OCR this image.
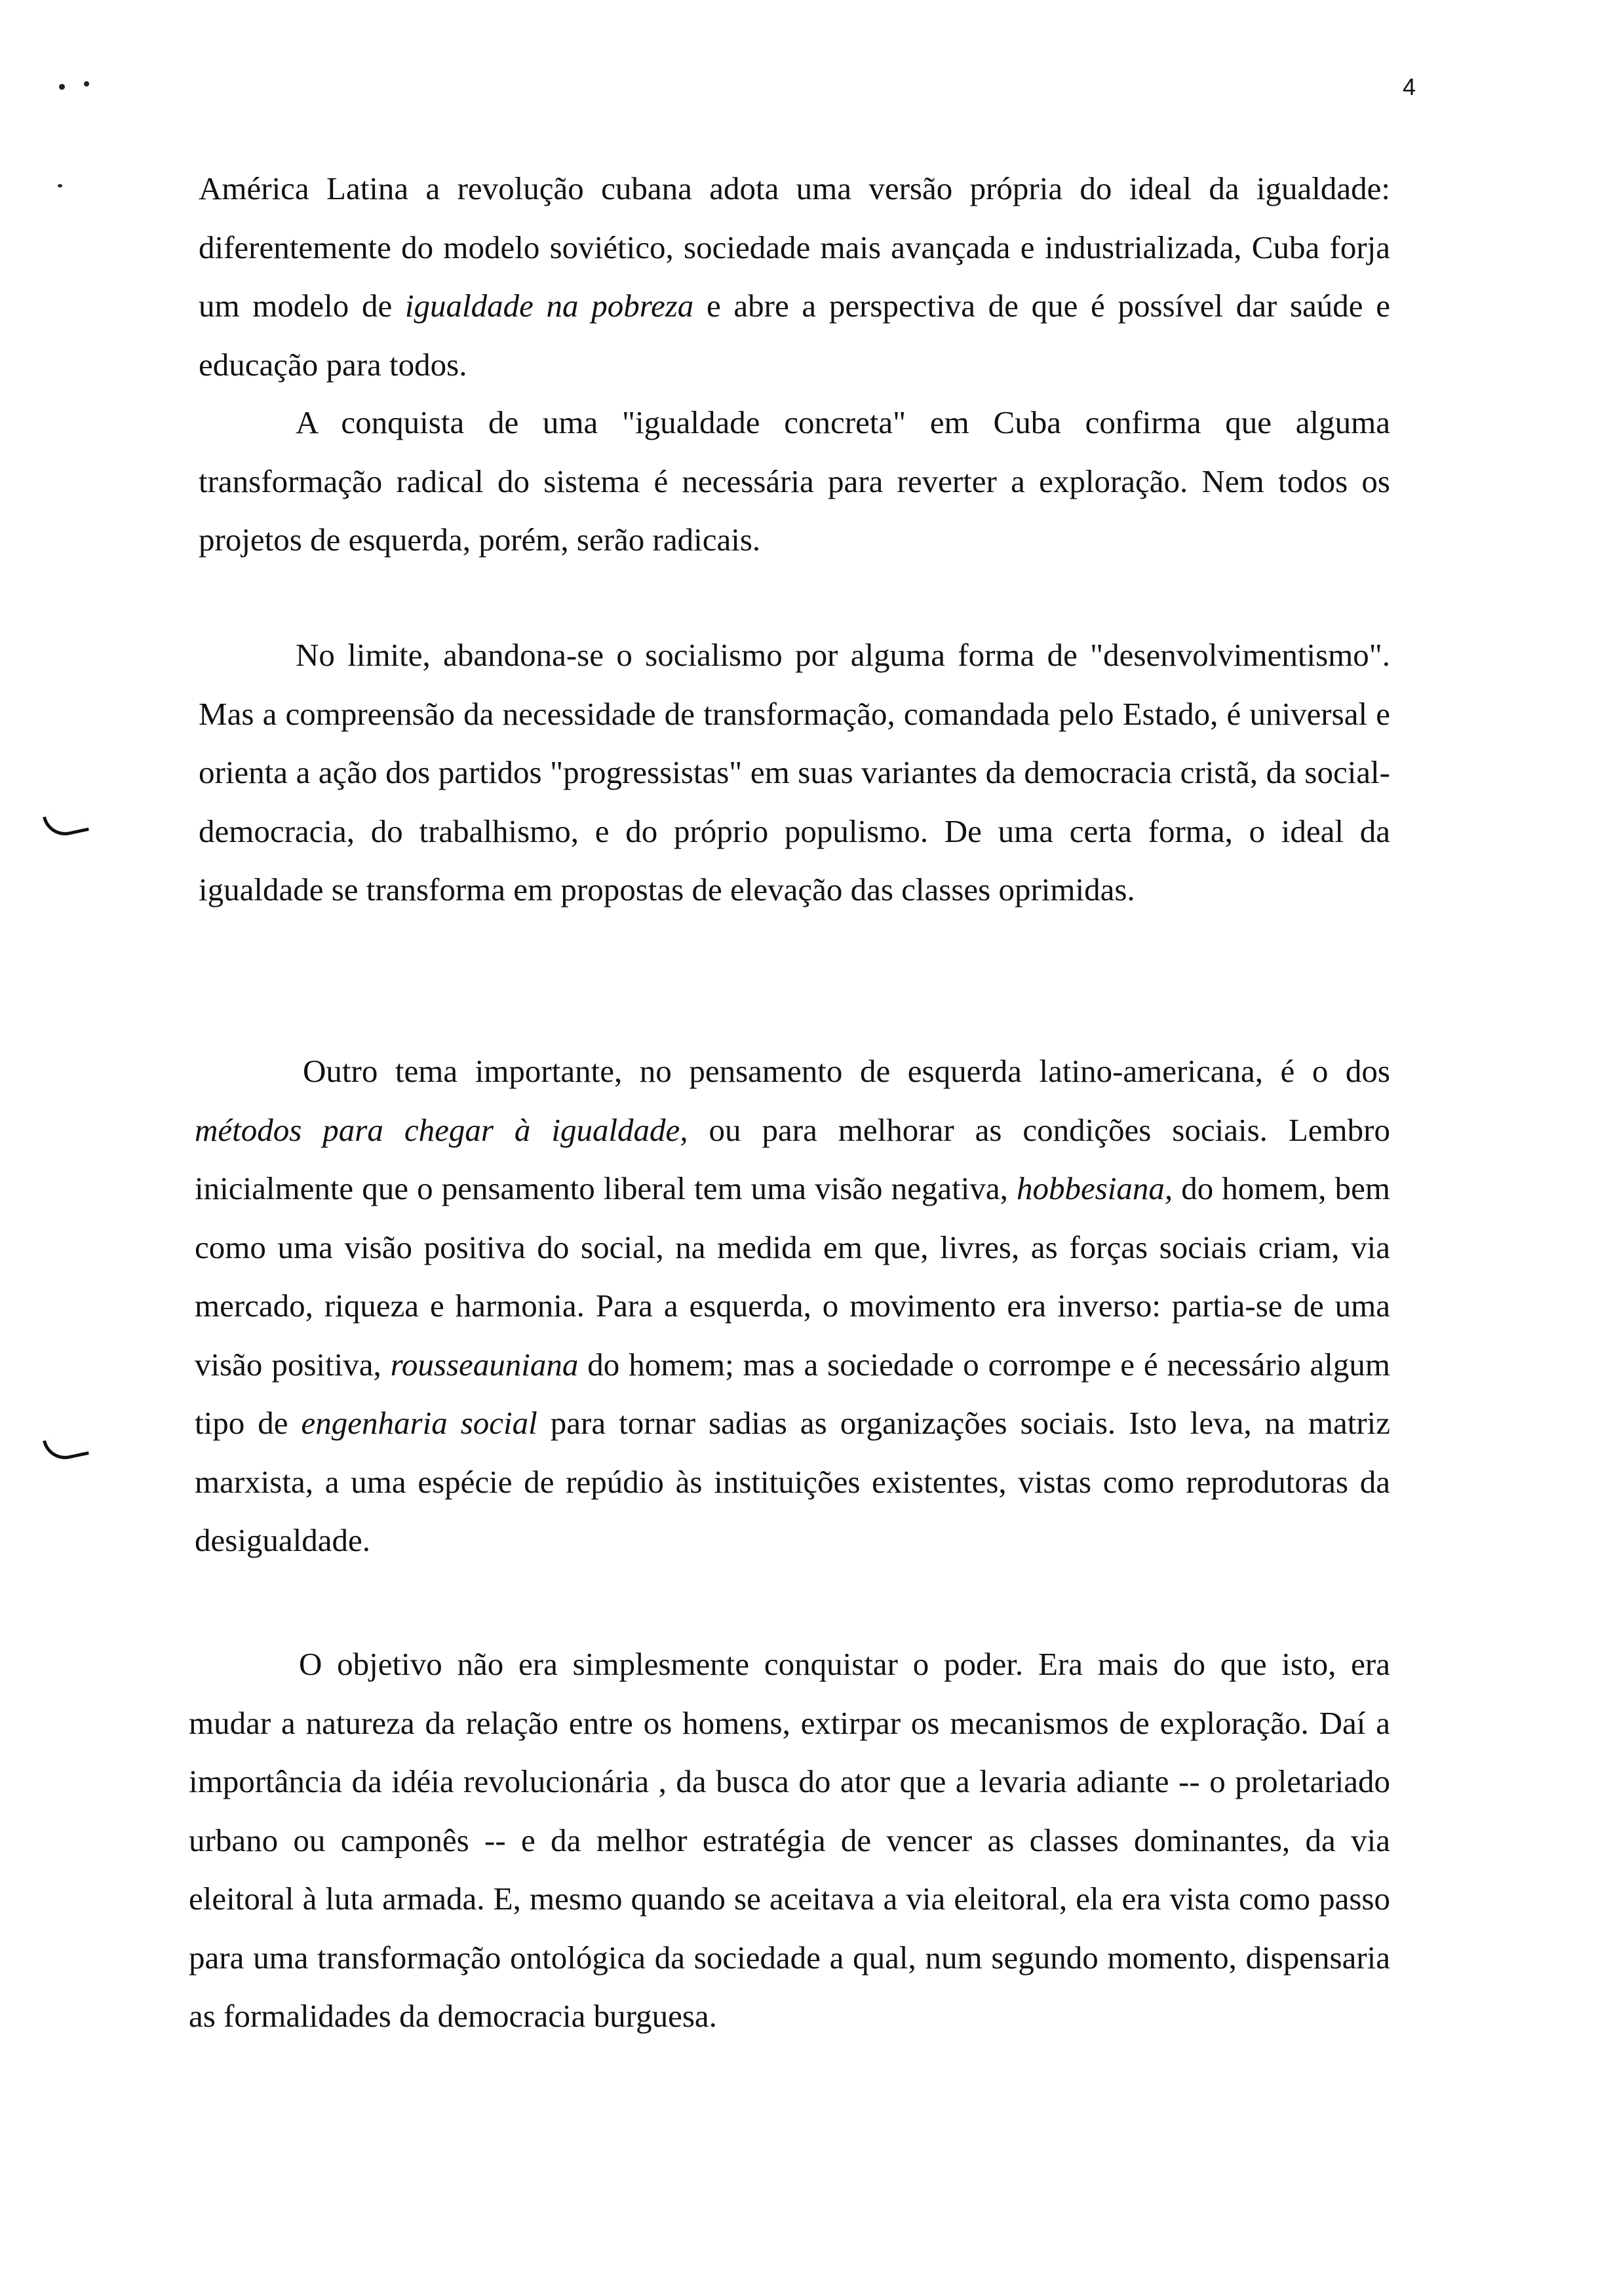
4

América Latina a revolução cubana adota uma versão própria do ideal da igualdade: diferentemente do modelo soviético, sociedade mais avançada e industrializada, Cuba forja um modelo de igualdade na pobreza e abre a perspectiva de que é possível dar saúde e educação para todos.

A conquista de uma "igualdade concreta" em Cuba confirma que alguma transformação radical do sistema é necessária para reverter a exploração. Nem todos os projetos de esquerda, porém, serão radicais.

No limite, abandona-se o socialismo por alguma forma de "desenvolvimentismo". Mas a compreensão da necessidade de transformação, comandada pelo Estado, é universal e orienta a ação dos partidos "progressistas" em suas variantes da democracia cristã, da social-democracia, do trabalhismo, e do próprio populismo. De uma certa forma, o ideal da igualdade se transforma em propostas de elevação das classes oprimidas.

Outro tema importante, no pensamento de esquerda latino-americana, é o dos métodos para chegar à igualdade, ou para melhorar as condições sociais. Lembro inicialmente que o pensamento liberal tem uma visão negativa, hobbesiana, do homem, bem como uma visão positiva do social, na medida em que, livres, as forças sociais criam, via mercado, riqueza e harmonia. Para a esquerda, o movimento era inverso: partia-se de uma visão positiva, rousseauniana do homem; mas a sociedade o corrompe e é necessário algum tipo de engenharia social para tornar sadias as organizações sociais. Isto leva, na matriz marxista, a uma espécie de repúdio às instituições existentes, vistas como reprodutoras da desigualdade.

O objetivo não era simplesmente conquistar o poder. Era mais do que isto, era mudar a natureza da relação entre os homens, extirpar os mecanismos de exploração. Daí a importância da idéia revolucionária , da busca do ator que a levaria adiante -- o proletariado urbano ou camponês -- e da melhor estratégia de vencer as classes dominantes, da via eleitoral à luta armada. E, mesmo quando se aceitava a via eleitoral, ela era vista como passo para uma transformação ontológica da sociedade a qual, num segundo momento, dispensaria as formalidades da democracia burguesa.
